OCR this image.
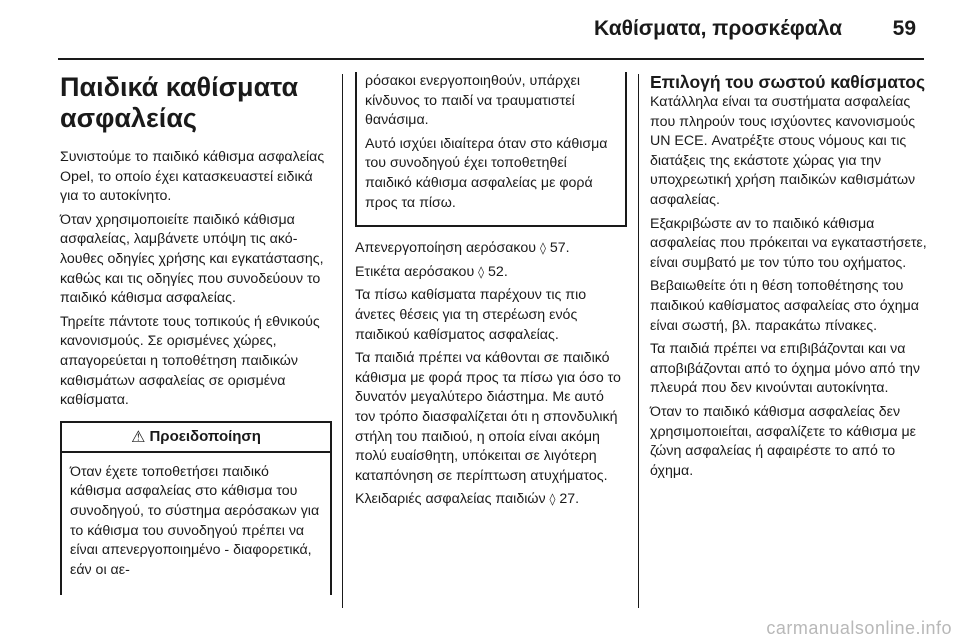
Καθίσματα, προσκέφαλα 59
Παιδικά καθίσματα ασφαλείας

Συνιστούμε το παιδικό κάθισμα ασφαλείας Opel, το οποίο έχει κατασκευαστεί ειδικά για το αυτοκίνητο.

Όταν χρησιμοποιείτε παιδικό κάθισμα ασφαλείας, λαμβάνετε υπόψη τις ακόλουθες οδηγίες χρήσης και εγκατάστασης, καθώς και τις οδηγίες που συνοδεύουν το παιδικό κάθισμα ασφαλείας.

Τηρείτε πάντοτε τους τοπικούς ή εθνικούς κανονισμούς. Σε ορισμένες χώρες, απαγορεύεται η τοποθέτηση παιδικών καθισμάτων ασφαλείας σε ορισμένα καθίσματα.

⚠ Προειδοποίηση
Όταν έχετε τοποθετήσει παιδικό κάθισμα ασφαλείας στο κάθισμα του συνοδηγού, το σύστημα αερόσακων για το κάθισμα του συνοδηγού πρέπει να είναι απενεργοποιημένο - διαφορετικά, εάν οι αε-

ρόσακοι ενεργοποιηθούν, υπάρχει κίνδυνος το παιδί να τραυματιστεί θανάσιμα.

Αυτό ισχύει ιδιαίτερα όταν στο κάθισμα του συνοδηγού έχει τοποθετηθεί παιδικό κάθισμα ασφαλείας με φορά προς τα πίσω.

Απενεργοποίηση αερόσακου ◊ 57.

Ετικέτα αερόσακου ◊ 52.

Τα πίσω καθίσματα παρέχουν τις πιο άνετες θέσεις για τη στερέωση ενός παιδικού καθίσματος ασφαλείας.

Τα παιδιά πρέπει να κάθονται σε παιδικό κάθισμα με φορά προς τα πίσω για όσο το δυνατόν μεγαλύτερο διάστημα. Με αυτό τον τρόπο διασφαλίζεται ότι η σπονδυλική στήλη του παιδιού, η οποία είναι ακόμη πολύ ευαίσθητη, υπόκειται σε λιγότερη καταπόνηση σε περίπτωση ατυχήματος.

Κλειδαριές ασφαλείας παιδιών ◊ 27.

Επιλογή του σωστού καθίσματος

Κατάλληλα είναι τα συστήματα ασφαλείας που πληρούν τους ισχύοντες κανονισμούς UN ECE. Ανατρέξτε στους νόμους και τις διατάξεις της εκάστοτε χώρας για την υποχρεωτική χρήση παιδικών καθισμάτων ασφαλείας.

Εξακριβώστε αν το παιδικό κάθισμα ασφαλείας που πρόκειται να εγκαταστήσετε, είναι συμβατό με τον τύπο του οχήματος.

Βεβαιωθείτε ότι η θέση τοποθέτησης του παιδικού καθίσματος ασφαλείας στο όχημα είναι σωστή, βλ. παρακάτω πίνακες.

Τα παιδιά πρέπει να επιβιβάζονται και να αποβιβάζονται από το όχημα μόνο από την πλευρά που δεν κινούνται αυτοκίνητα.

Όταν το παιδικό κάθισμα ασφαλείας δεν χρησιμοποιείται, ασφαλίζετε το κάθισμα με ζώνη ασφαλείας ή αφαιρέστε το από το όχημα.

carmanualsonline.info
